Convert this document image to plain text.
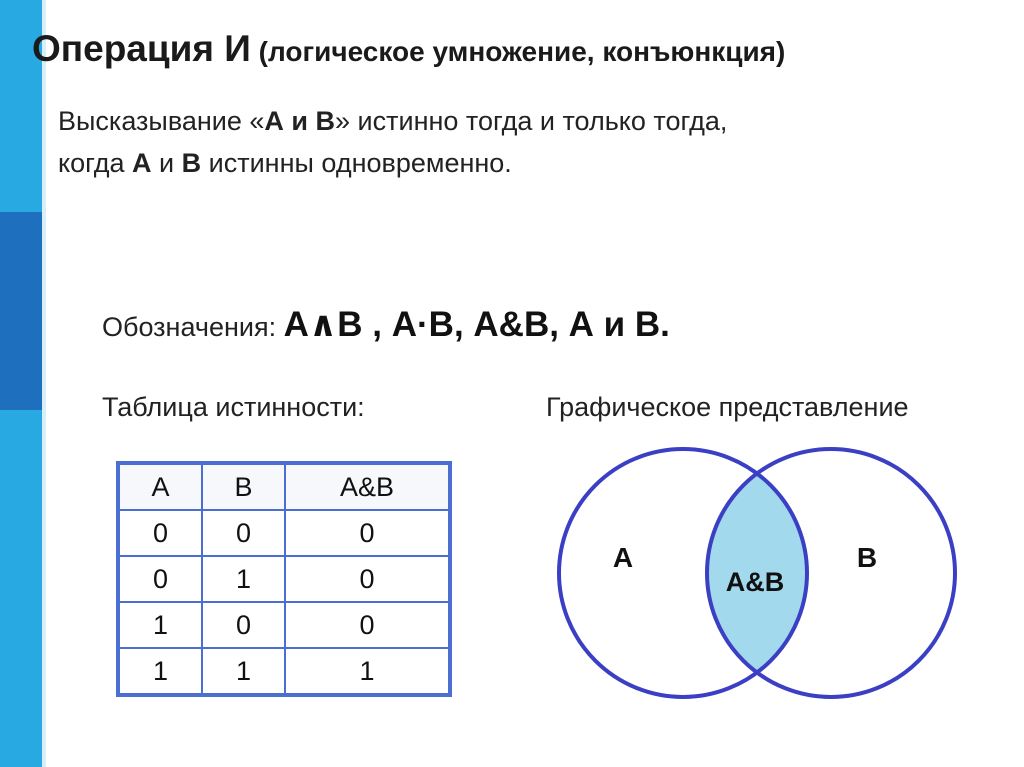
Операция И (логическое умножение, конъюнкция)
Высказывание «А и В» истинно тогда и только тогда,
когда А и В истинны одновременно.
Обозначения: А∧В , А·В, А&В, А и В.
Таблица истинности:	Графическое представление
А	В	А&В
0	0	0
0	1	0
1	0	0
1	1	1
А	В
А&В
